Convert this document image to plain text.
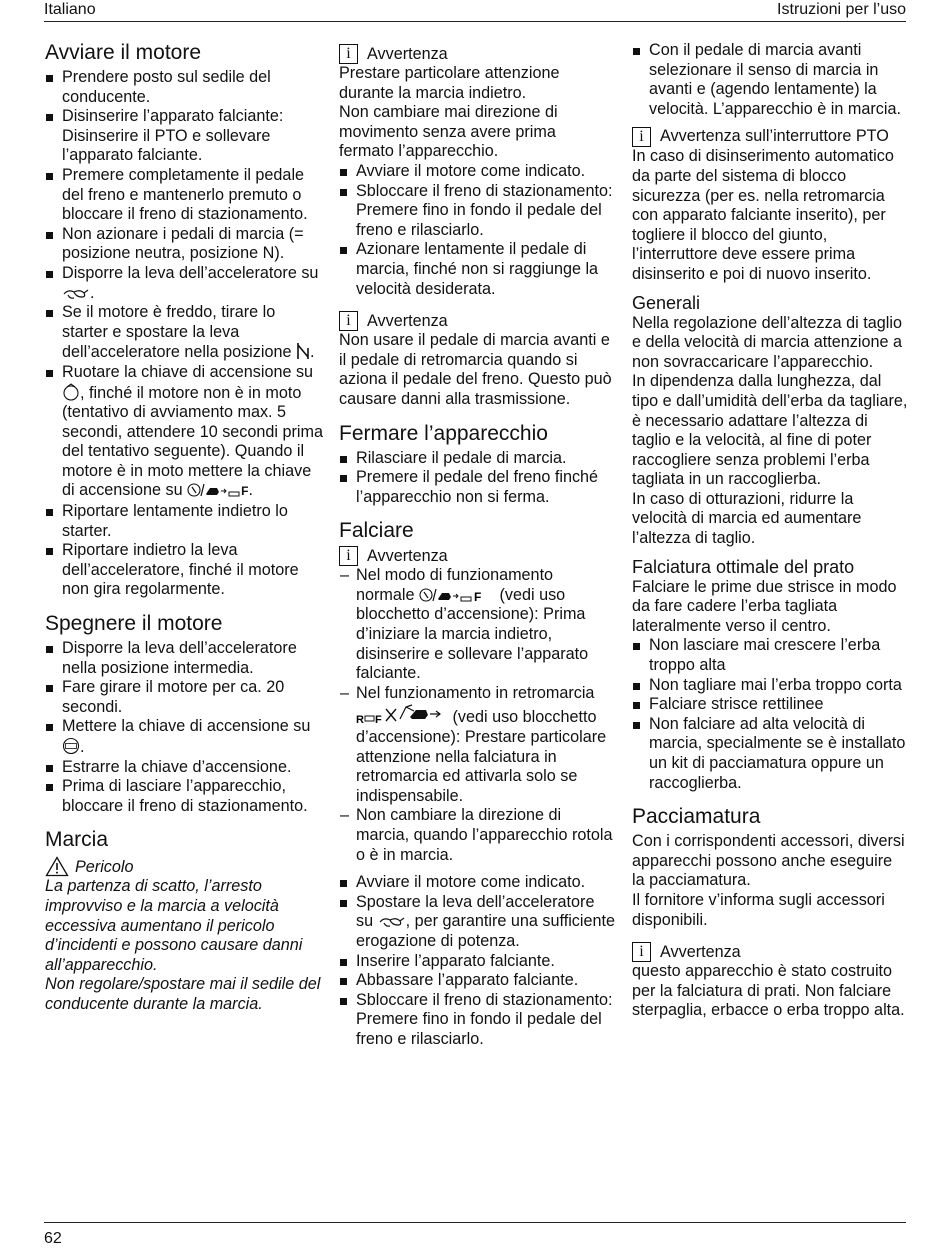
Italiano	Istruzioni per l’uso
Avviare il motore
Prendere posto sul sedile del conducente.
Disinserire l’apparato falciante: Disinserire il PTO e sollevare l’apparato falciante.
Premere completamente il pedale del freno e mantenerlo premuto o bloccare il freno di stazionamento.
Non azionare i pedali di marcia (= posizione neutra, posizione N).
Disporre la leva dell’acceleratore su .
Se il motore è freddo, tirare lo starter e spostare la leva dell’acceleratore nella posizione .
Ruotare la chiave di accensione su , finché il motore non è in moto (tentativo di avviamento max. 5 secondi, attendere 10 secondi prima del tentativo seguente). Quando il motore è in moto mettere la chiave di accensione su	F.
Riportare lentamente indietro lo starter.
Riportare indietro la leva dell’acceleratore, finché il motore non gira regolarmente.
Spegnere il motore
Disporre la leva dell’acceleratore nella posizione intermedia.
Fare girare il motore per ca. 20 secondi.
Mettere la chiave di accensione su .
Estrarre la chiave d’accensione.
Prima di lasciare l’apparecchio, bloccare il freno di stazionamento.
Marcia
Pericolo

La partenza di scatto, l’arresto improvviso e la marcia a velocità eccessiva aumentano il pericolo d’incidenti e possono causare danni all’apparecchio.

Non regolare/spostare mai il sedile del conducente durante la marcia.

i	Avvertenza

Prestare particolare attenzione durante la marcia indietro.

Non cambiare mai direzione di movimento senza avere prima fermato l’apparecchio.

Avviare il motore come indicato.
Sbloccare il freno di stazionamento: Premere fino in fondo il pedale del freno e rilasciarlo.
Azionare lentamente il pedale di marcia, finché non si raggiunge la velocità desiderata.
i	Avvertenza

Non usare il pedale di marcia avanti e il pedale di retromarcia quando si aziona il pedale del freno. Questo può causare danni alla trasmissione.

Fermare l’apparecchio
Rilasciare il pedale di marcia.
Premere il pedale del freno finché l’apparecchio non si ferma.
Falciare
i	Avvertenza
– Nel modo di funzionamento normale	F (vedi uso blocchetto d’accensione): Prima d’iniziare la marcia indietro, disinserire e sollevare l’apparato falciante.
– Nel funzionamento in retromarcia
R F	(vedi uso blocchetto d’accensione): Prestare particolare attenzione nella falciatura in retromarcia ed attivarla solo se indispensabile.
– Non cambiare la direzione di marcia, quando l’apparecchio rotola o è in marcia.
Avviare il motore come indicato.
Spostare la leva dell’acceleratore su , per garantire una sufficiente erogazione di potenza.
Inserire l’apparato falciante.
Abbassare l’apparato falciante.
Sbloccare il freno di stazionamento:
Premere fino in fondo il pedale del freno e rilasciarlo.
Con il pedale di marcia avanti selezionare il senso di marcia in avanti e (agendo lentamente) la velocità. L’apparecchio è in marcia.
i Avvertenza sull’interruttore PTO

In caso di disinserimento automatico da parte del sistema di blocco sicurezza (per es. nella retromarcia con apparato falciante inserito), per togliere il blocco del giunto, l’interruttore deve essere prima disinserito e poi di nuovo inserito.

Generali

Nella regolazione dell’altezza di taglio e della velocità di marcia attenzione a non sovraccaricare l’apparecchio.

In dipendenza dalla lunghezza, dal tipo e dall’umidità dell’erba da tagliare, è necessario adattare l’altezza di taglio e la velocità, al fine di poter raccogliere senza problemi l’erba tagliata in un raccoglierba.

In caso di otturazioni, ridurre la velocità di marcia ed aumentare l’altezza di taglio.

Falciatura ottimale del prato

Falciare le prime due strisce in modo da fare cadere l’erba tagliata lateralmente verso il centro.

Non lasciare mai crescere l’erba troppo alta
Non tagliare mai l’erba troppo corta
Falciare strisce rettilinee
Non falciare ad alta velocità di marcia, specialmente se è installato un kit di pacciamatura oppure un raccoglierba.
Pacciamatura

Con i corrispondenti accessori, diversi apparecchi possono anche eseguire la pacciamatura.

Il fornitore v’informa sugli accessori disponibili.

i	Avvertenza

questo apparecchio è stato costruito per la falciatura di prati. Non falciare sterpaglia, erbacce o erba troppo alta.

62
